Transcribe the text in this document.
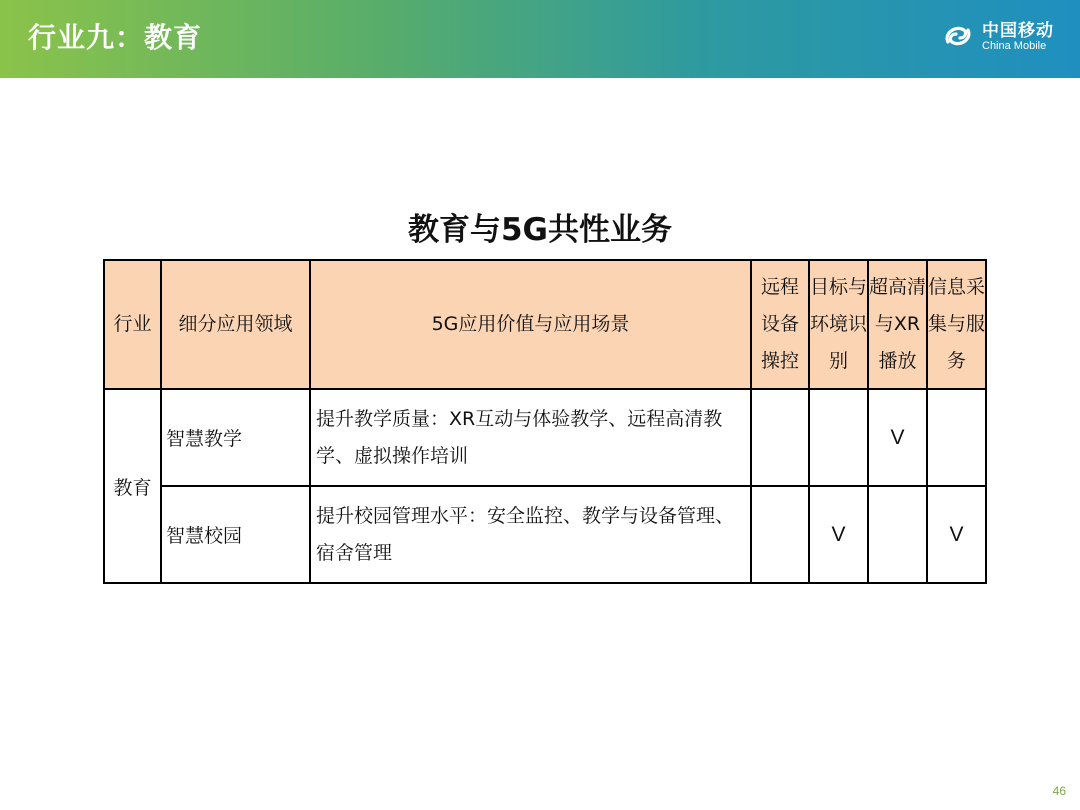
行业九：教育	中国移动
China Mobile
教育与5G共性业务
行业	细分应用领域	5G应用价值与应用场景	远程设备操控	目标与环境识别	超高清与XR播放	信息采集与服务
教育	智慧教学	提升教学质量：XR互动与体验教学、远程高清教学、虚拟操作培训			V	

	智慧校园	提升校园管理水平：安全监控、教学与设备管理、宿舍管理		V		V
46
